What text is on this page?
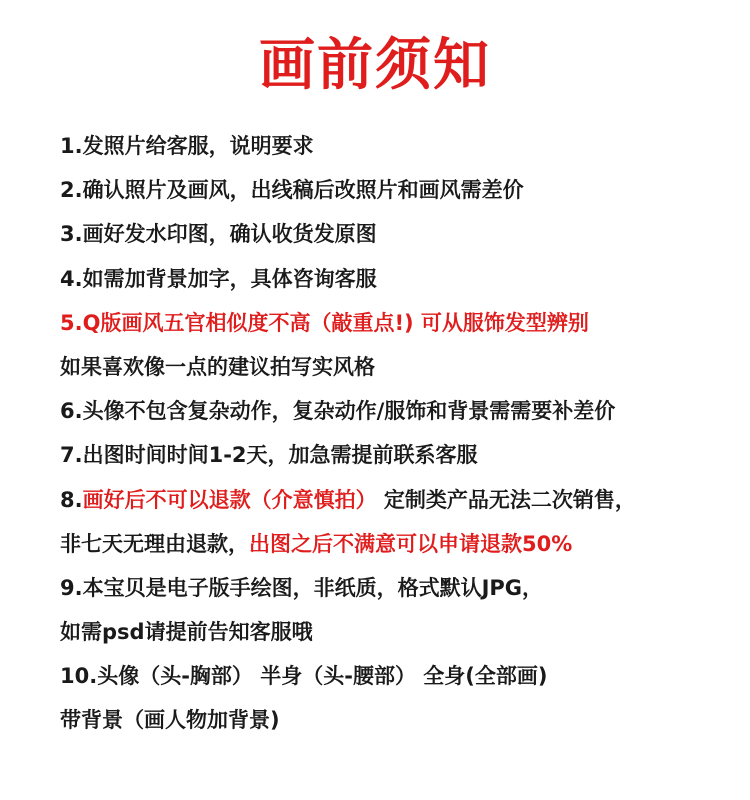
画前须知
1.发照片给客服，说明要求
2.确认照片及画风，出线稿后改照片和画风需差价
3.画好发水印图，确认收货发原图
4.如需加背景加字，具体咨询客服
5.Q版画风五官相似度不高（敲重点!) 可从服饰发型辨别
如果喜欢像一点的建议拍写实风格
6.头像不包含复杂动作，复杂动作/服饰和背景需需要补差价
7.出图时间时间1-2天，加急需提前联系客服
8.画好后不可以退款（介意慎拍） 定制类产品无法二次销售，
非七天无理由退款，出图之后不满意可以申请退款50%
9.本宝贝是电子版手绘图，非纸质，格式默认JPG，
如需psd请提前告知客服哦
10.头像（头-胸部） 半身（头-腰部） 全身(全部画)
带背景（画人物加背景)
